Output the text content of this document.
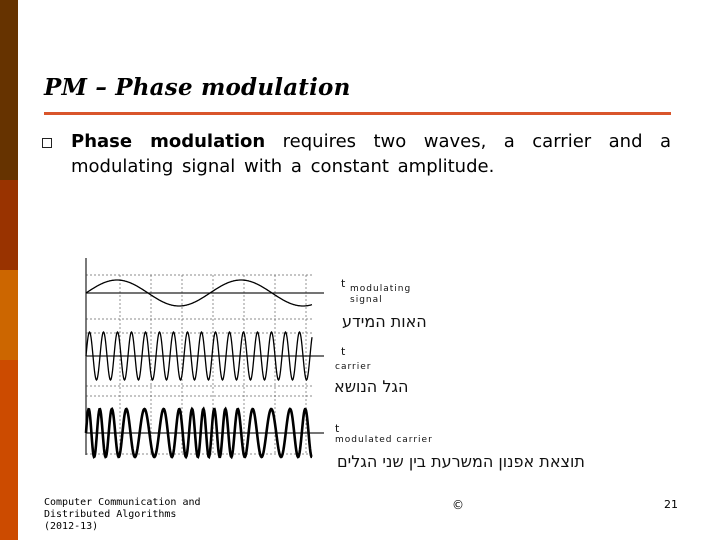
PM – Phase modulation

Phase modulation requires two waves, a carrier and a modulating signal with a constant amplitude.

t modulating signal
האות המידע
t
carrier
הגל הנושא
t
modulated carrier
תוצאת אפנון המשרעת בין שני הגלים
Computer Communication and Distributed Algorithms (2012-13)
©	21
